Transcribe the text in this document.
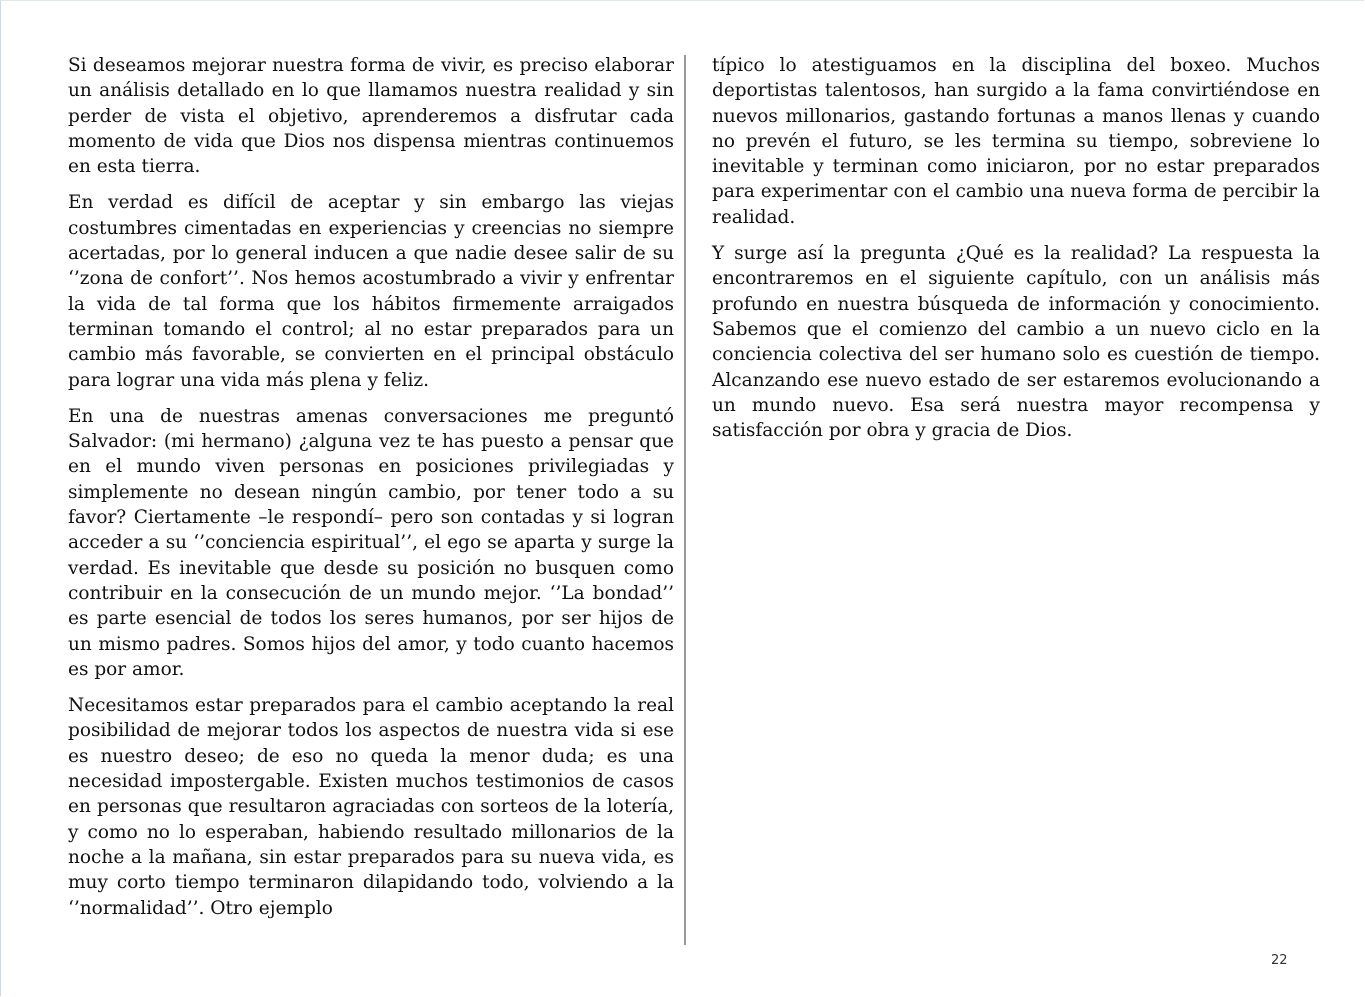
Si deseamos mejorar nuestra forma de vivir, es preciso elaborar un análisis detallado en lo que llamamos nuestra realidad y sin perder de vista el objetivo, aprenderemos a disfrutar cada momento de vida que Dios nos dispensa mientras continuemos en esta tierra.

En verdad es difícil de aceptar y sin embargo las viejas costumbres cimentadas en experiencias y creencias no siempre acertadas, por lo general inducen a que nadie desee salir de su ‘’zona de confort’’. Nos hemos acostumbrado a vivir y enfrentar la vida de tal forma que los hábitos firmemente arraigados terminan tomando el control; al no estar preparados para un cambio más favorable, se convierten en el principal obstáculo para lograr una vida más plena y feliz.

En una de nuestras amenas conversaciones me preguntó Salvador: (mi hermano) ¿alguna vez te has puesto a pensar que en el mundo viven personas en posiciones privilegiadas y simplemente no desean ningún cambio, por tener todo a su favor? Ciertamente –le respondí– pero son contadas y si logran acceder a su ‘’conciencia espiritual’’, el ego se aparta y surge la verdad. Es inevitable que desde su posición no busquen como contribuir en la consecución de un mundo mejor. ‘’La bondad’’ es parte esencial de todos los seres humanos, por ser hijos de un mismo padres. Somos hijos del amor, y todo cuanto hacemos es por amor.

Necesitamos estar preparados para el cambio aceptando la real posibilidad de mejorar todos los aspectos de nuestra vida si ese es nuestro deseo; de eso no queda la menor duda; es una necesidad impostergable. Existen muchos testimonios de casos en personas que resultaron agraciadas con sorteos de la lotería, y como no lo esperaban, habiendo resultado millonarios de la noche a la mañana, sin estar preparados para su nueva vida, es muy corto tiempo terminaron dilapidando todo, volviendo a la ‘’normalidad’’. Otro ejemplo

típico lo atestiguamos en la disciplina del boxeo. Muchos deportistas talentosos, han surgido a la fama convirtiéndose en nuevos millonarios, gastando fortunas a manos llenas y cuando no prevén el futuro, se les termina su tiempo, sobreviene lo inevitable y terminan como iniciaron, por no estar preparados para experimentar con el cambio una nueva forma de percibir la realidad.

Y surge así la pregunta ¿Qué es la realidad? La respuesta la encontraremos en el siguiente capítulo, con un análisis más profundo en nuestra búsqueda de información y conocimiento. Sabemos que el comienzo del cambio a un nuevo ciclo en la conciencia colectiva del ser humano solo es cuestión de tiempo. Alcanzando ese nuevo estado de ser estaremos evolucionando a un mundo nuevo. Esa será nuestra mayor recompensa y satisfacción por obra y gracia de Dios.

22
